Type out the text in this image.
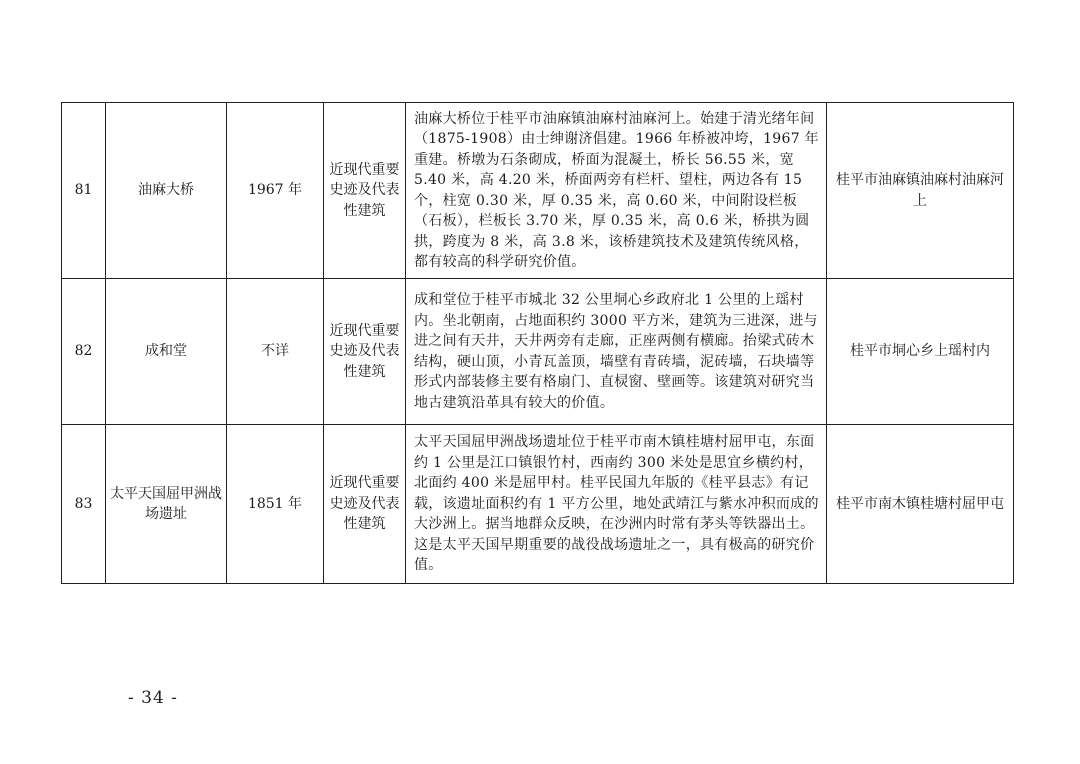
81	油麻大桥	1967 年	近现代重要史迹及代表性建筑	油麻大桥位于桂平市油麻镇油麻村油麻河上。始建于清光绪年间（1875-1908）由士绅谢济倡建。1966 年桥被冲垮，1967 年重建。桥墩为石条砌成，桥面为混凝土，桥长 56.55 米，宽 5.40 米，高 4.20 米，桥面两旁有栏杆、望柱，两边各有 15 个，柱宽 0.30 米，厚 0.35 米，高 0.60 米，中间附设栏板（石板），栏板长 3.70 米，厚 0.35 米，高 0.6 米，桥拱为圆拱，跨度为 8 米，高 3.8 米，该桥建筑技术及建筑传统风格，都有较高的科学研究价值。	桂平市油麻镇油麻村油麻河上
82	成和堂	不详	近现代重要史迹及代表性建筑	成和堂位于桂平市城北 32 公里垌心乡政府北 1 公里的上瑶村内。坐北朝南，占地面积约 3000 平方米，建筑为三进深，进与进之间有天井，天井两旁有走廊，正座两侧有横廊。抬梁式砖木结构，硬山顶，小青瓦盖顶，墙壁有青砖墙，泥砖墙，石块墙等形式内部装修主要有格扇门、直棂窗、壁画等。该建筑对研究当地古建筑沿革具有较大的价值。	桂平市垌心乡上瑶村内
83	太平天国屈甲洲战场遗址	1851 年	近现代重要史迹及代表性建筑	太平天国屈甲洲战场遗址位于桂平市南木镇桂塘村屈甲屯，东面约 1 公里是江口镇银竹村，西南约 300 米处是思宜乡横约村，北面约 400 米是屈甲村。桂平民国九年版的《桂平县志》有记载，该遗址面积约有 1 平方公里，地处武靖江与紫水冲积而成的大沙洲上。据当地群众反映，在沙洲内时常有茅头等铁器出土。这是太平天国早期重要的战役战场遗址之一，具有极高的研究价值。	桂平市南木镇桂塘村屈甲屯
- 34 -
